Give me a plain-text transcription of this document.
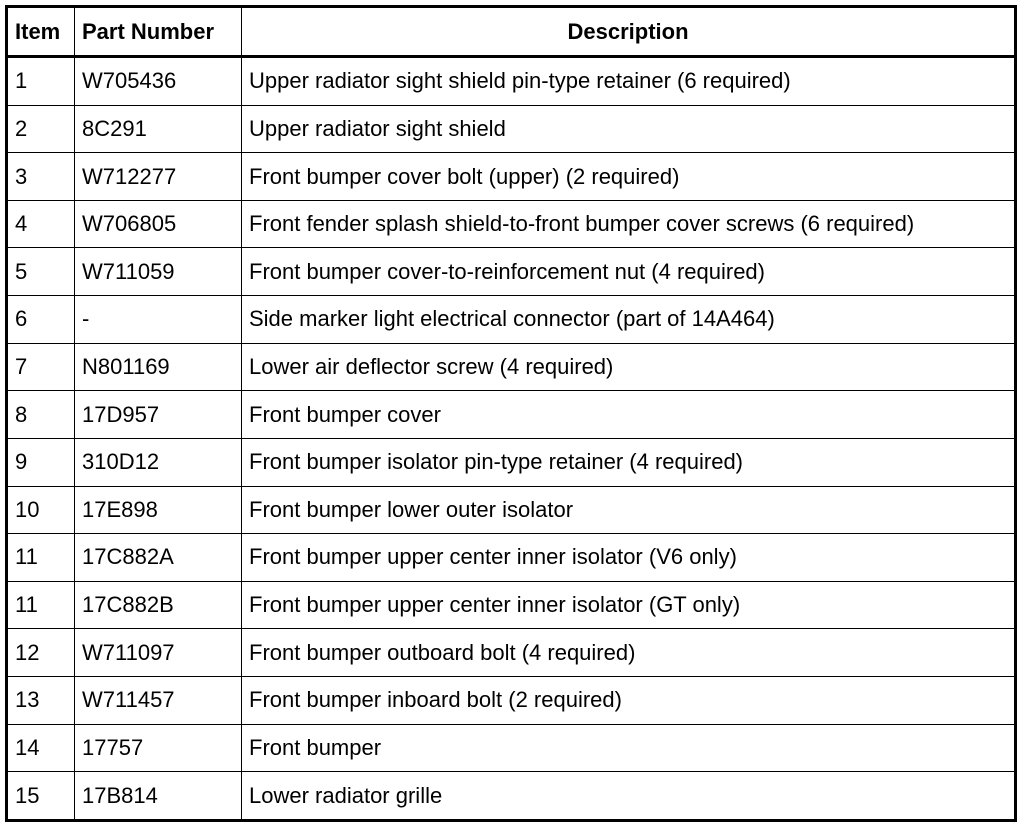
Item	Part Number	Description
1	W705436	Upper radiator sight shield pin-type retainer (6 required)
2	8C291	Upper radiator sight shield
3	W712277	Front bumper cover bolt (upper) (2 required)
4	W706805	Front fender splash shield-to-front bumper cover screws (6 required)
5	W711059	Front bumper cover-to-reinforcement nut (4 required)
6	-	Side marker light electrical connector (part of 14A464)
7	N801169	Lower air deflector screw (4 required)
8	17D957	Front bumper cover
9	310D12	Front bumper isolator pin-type retainer (4 required)
10	17E898	Front bumper lower outer isolator
11	17C882A	Front bumper upper center inner isolator (V6 only)
11	17C882B	Front bumper upper center inner isolator (GT only)
12	W711097	Front bumper outboard bolt (4 required)
13	W711457	Front bumper inboard bolt (2 required)
14	17757	Front bumper
15	17B814	Lower radiator grille
